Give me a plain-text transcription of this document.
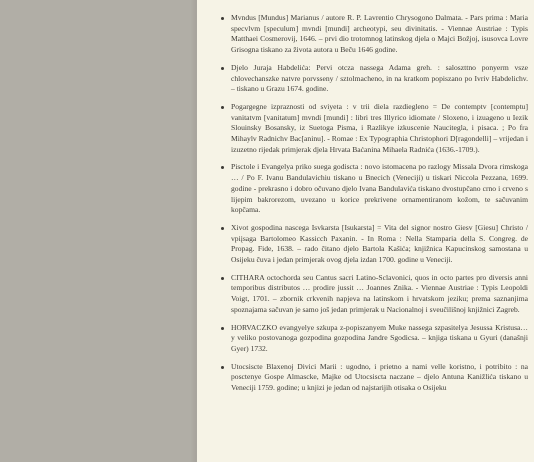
Mvndus [Mundus] Marianus / autore R. P. Lavrentio Chrysogono Dalmata. - Pars prima : Maria specvlvm [speculum] mvndi [mundi] archeotypi, seu divinitatis. - Viennae Austriae : Typis Matthaei Cosmerovij, 1646. – prvi dio trotomnog latinskog djela o Majci Božjoj, isusovca Lovre Grisogna tiskano za života autora u Beču 1646 godine.
Djelo Juraja Habdelića: Pervi otcza nassega Adama greh. : saloszttno ponyerm vsze chlovechanszke natvre porvsseny / sztolmacheno, in na kratkom popiszano po Ivriv Habdelichv. – tiskano u Grazu 1674. godine.
Pogargegne izpraznosti od sviyeta : v trii diela razdiegleno = De contemptv [contemptu] vanitatvm [vanitatum] mvndi [mundi] : libri tres Illyrico idiomate / Sloxeno, i izuageno u Iezik Slouinsky Bosansky, iz Suetoga Pisma, i Razlikye izkuscenie Naucitegla, i pisaca. ; Po fra Mihaylv Radnichv Bac[aninu]. - Romae : Ex Typographia Christophori D[ragondelli] – vrijedan i izuzetno rijedak primjerak djela Hrvata Baćanina Mihaela Radnića (1636.-1709.).
Pisctole i Evangelya priko suega godiscta : novo istomacena po razlogy Missala Dvora rimskoga … / Po F. Ivanu Bandulavichiu tiskano u Bnecich (Veneciji) u tiskari Niccola Pezzana, 1699. godine - prekrasno i dobro očuvano djelo Ivana Bandulavića tiskano dvostupčano crno i crveno s lijepim bakrorezom, uvezano u korice prekrivene ornamentiranom kožom, te sačuvanim kopčama.
Xivot gospodina nascega Isvkarsta [Isukarsta] = Vita del signor nostro Giesv [Giesu] Christo / vpiįsaga Bartolomeo Kassicch Paxanin. - In Roma : Nella Stamparia della S. Congreg. de Propag. Fide, 1638. – rado čitano djelo Bartola Kašića; knjižnica Kapucinskog samostana u Osijeku čuva i jedan primjerak ovog djela izdan 1700. godine u Veneciji.
CITHARA octochorda seu Cantus sacri Latino-Sclavonici, quos in octo partes pro diversis anni temporibus distributos … prodire jussit … Joannes Znika. - Viennae Austriae : Typis Leopoldi Voigt, 1701. – zbornik crkvenih napjeva na latinskom i hrvatskom jeziku; prema saznanjima spoznajama sačuvan je samo još jedan primjerak u Nacionalnoj i sveučilišnoj knjižnici Zagreb.
HORVACZKO evangyelye szkupa z-popiszanyem Muke nassega szpasitelya Jesussa Kristusa… y velikо postovanoga gozpodina gozpodina Jandre Sgodicsa. – knjiga tiskana u Gyuri (današnji Gyer) 1732.
Utocsiscte Blaxenoj Divici Marii : ugodno, i prietno a nami velle koristno, i potribito : na posctenye Gospe Almascke, Majke od Utocsiscta naczane – djelo Antuna Kanižlića tiskano u Veneciji 1759. godine; u knjizi je jedan od najstarijih otisaka o Osijeku
